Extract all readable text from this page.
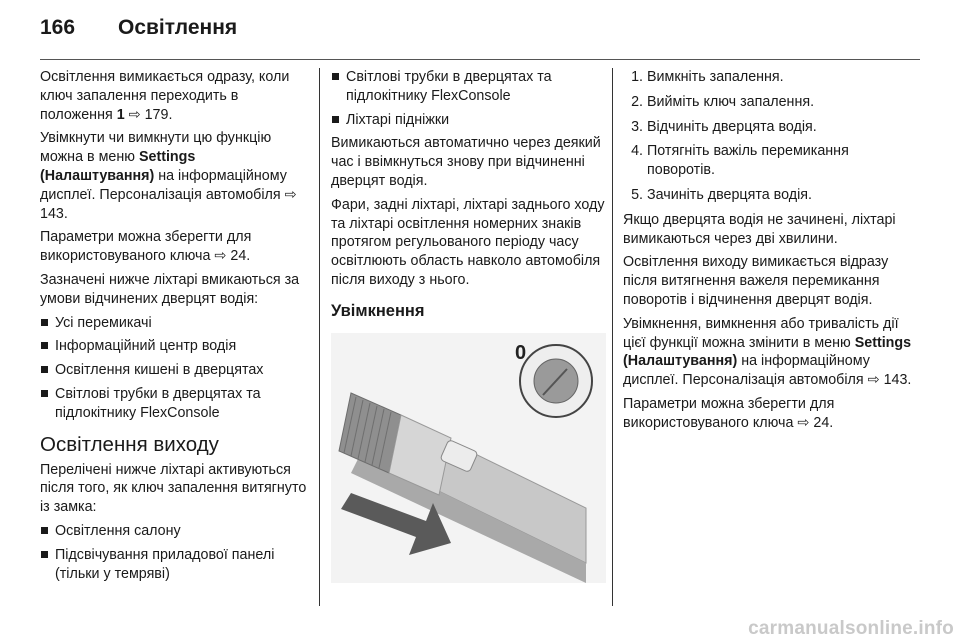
166 Освітлення

Освітлення вимикається одразу, коли ключ запалення переходить в положення 1 ⇨ 179.

Увімкнути чи вимкнути цю функцію можна в меню Settings (Налаштування) на інформаційному дисплеї. Персоналізація автомобіля ⇨ 143.

Параметри можна зберегти для використовуваного ключа ⇨ 24.

Зазначені нижче ліхтарі вмикаються за умови відчинених дверцят водія:

Усі перемикачі
Інформаційний центр водія
Освітлення кишені в дверцятах
Світлові трубки в дверцятах та підлокітнику FlexConsole
Освітлення виходу

Перелічені нижче ліхтарі активуються після того, як ключ запалення витягнуто із замка:

Освітлення салону
Підсвічування приладової панелі (тільки у темряві)
Світлові трубки в дверцятах та підлокітнику FlexConsole
Ліхтарі підніжки

Вимикаються автоматично через деякий час і ввімкнуться знову при відчиненні дверцят водія.

Фари, задні ліхтарі, ліхтарі заднього ходу та ліхтарі освітлення номерних знаків протягом регульованого періоду часу освітлюють область навколо автомобіля після виходу з нього.

Увімкнення
0
1. Вимкніть запалення.
2. Вийміть ключ запалення.
3. Відчиніть дверцята водія.
4. Потягніть важіль перемикання поворотів.
5. Зачиніть дверцята водія.

Якщо дверцята водія не зачинені, ліхтарі вимикаються через дві хвилини.

Освітлення виходу вимикається відразу після витягнення важеля перемикання поворотів і відчинення дверцят водія.

Увімкнення, вимкнення або тривалість дії цієї функції можна змінити в меню Settings (Налаштування) на інформаційному дисплеї. Персоналізація автомобіля ⇨ 143.

Параметри можна зберегти для використовуваного ключа ⇨ 24.

carmanualsonline.info
